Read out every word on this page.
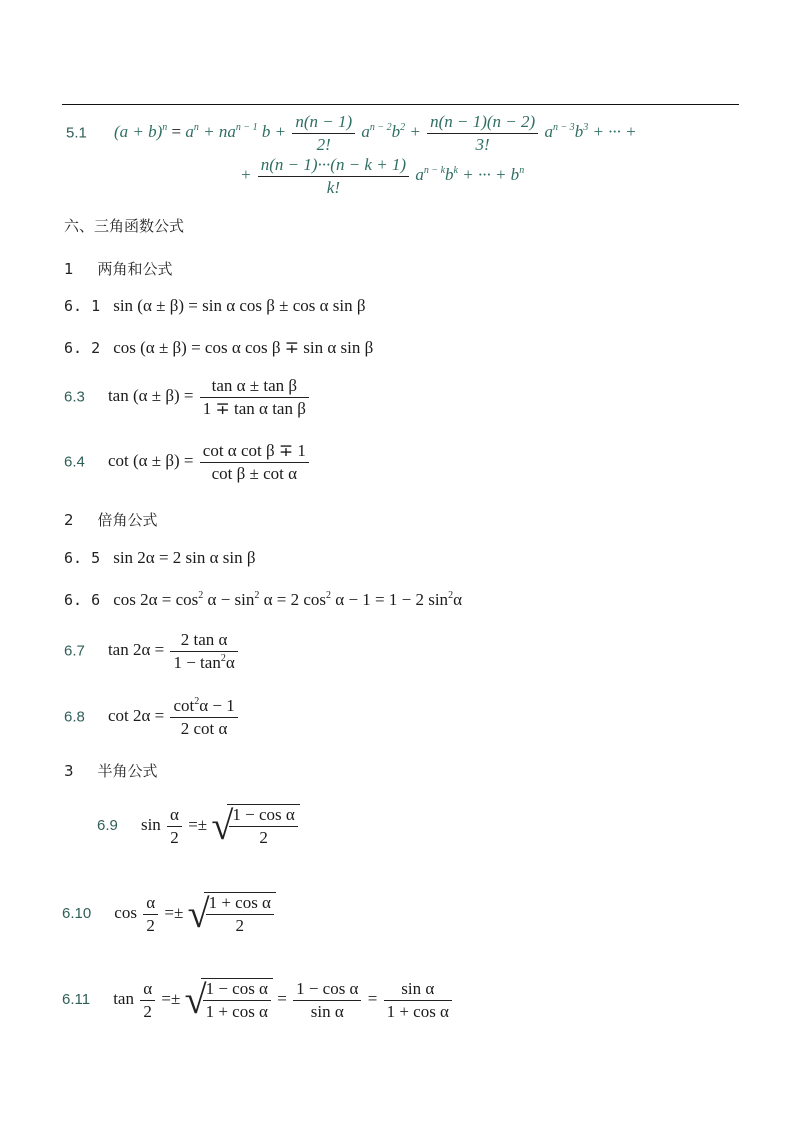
5.1 $(a + b)^n = a^n + na^{n - 1}$ $b + \frac{n(n - 1)}{2!} a^{n - 2}b^2 + \frac{n(n - 1)(n - 2)}{3!} a^{n - 3}b^3$ + ··· +
+ $\frac{n(n - 1)\cdot\cdot\cdot(n - k + 1)}{k!} a^{n - k}b^k$ + ··· + $b^n$
六、三角函数公式
1 两角和公式
6. 1 sin (α ± β) = sin α cos β ± cos α sin β
6. 2 cos (α ± β) = cos α cos β ∓ sin α sin β
6.3 $\tan (\alpha \pm \beta) = \frac{\text{tan α ± tan β}}{\text{1 ∓ tan α tan β}}$
6.4 $\cot (\alpha \pm \beta) = \frac{\text{cot α cot β ∓ 1}}{\text{cot β ± cot α}}$
2 倍角公式
6. 5 sin 2α = 2 sin α sin β
6. 6 $\cos 2\alpha = \cos^2 \alpha - \sin^2 \alpha = 2$ $\cos^2 \alpha - 1 = 1 - 2$ $\sin^2\alpha$
6.7 $\tan 2\alpha = \frac{\text{2 tan α}}{1 - \tan^2\alpha}$
6.8 $\cot 2\alpha = \frac{\cot^2\alpha - 1}{\text{2 cot α}}$
3 半角公式
6.9 $\sin \frac{\alpha}{2}$ =± √
$\frac{\text{1 − cos α}}{2}$
6.10 $\cos \frac{\alpha}{2}$ =± √
$\frac{\text{1 + cos α}}{2}$
6.11 $\tan \frac{\alpha}{2}$ =± √
$\frac{\text{1 − cos α}}{\text{1 + cos α}} = \frac{\text{1 − cos α}}{\text{sin α}} = \frac{\text{sin α}}{\text{1 + cos α}}$
